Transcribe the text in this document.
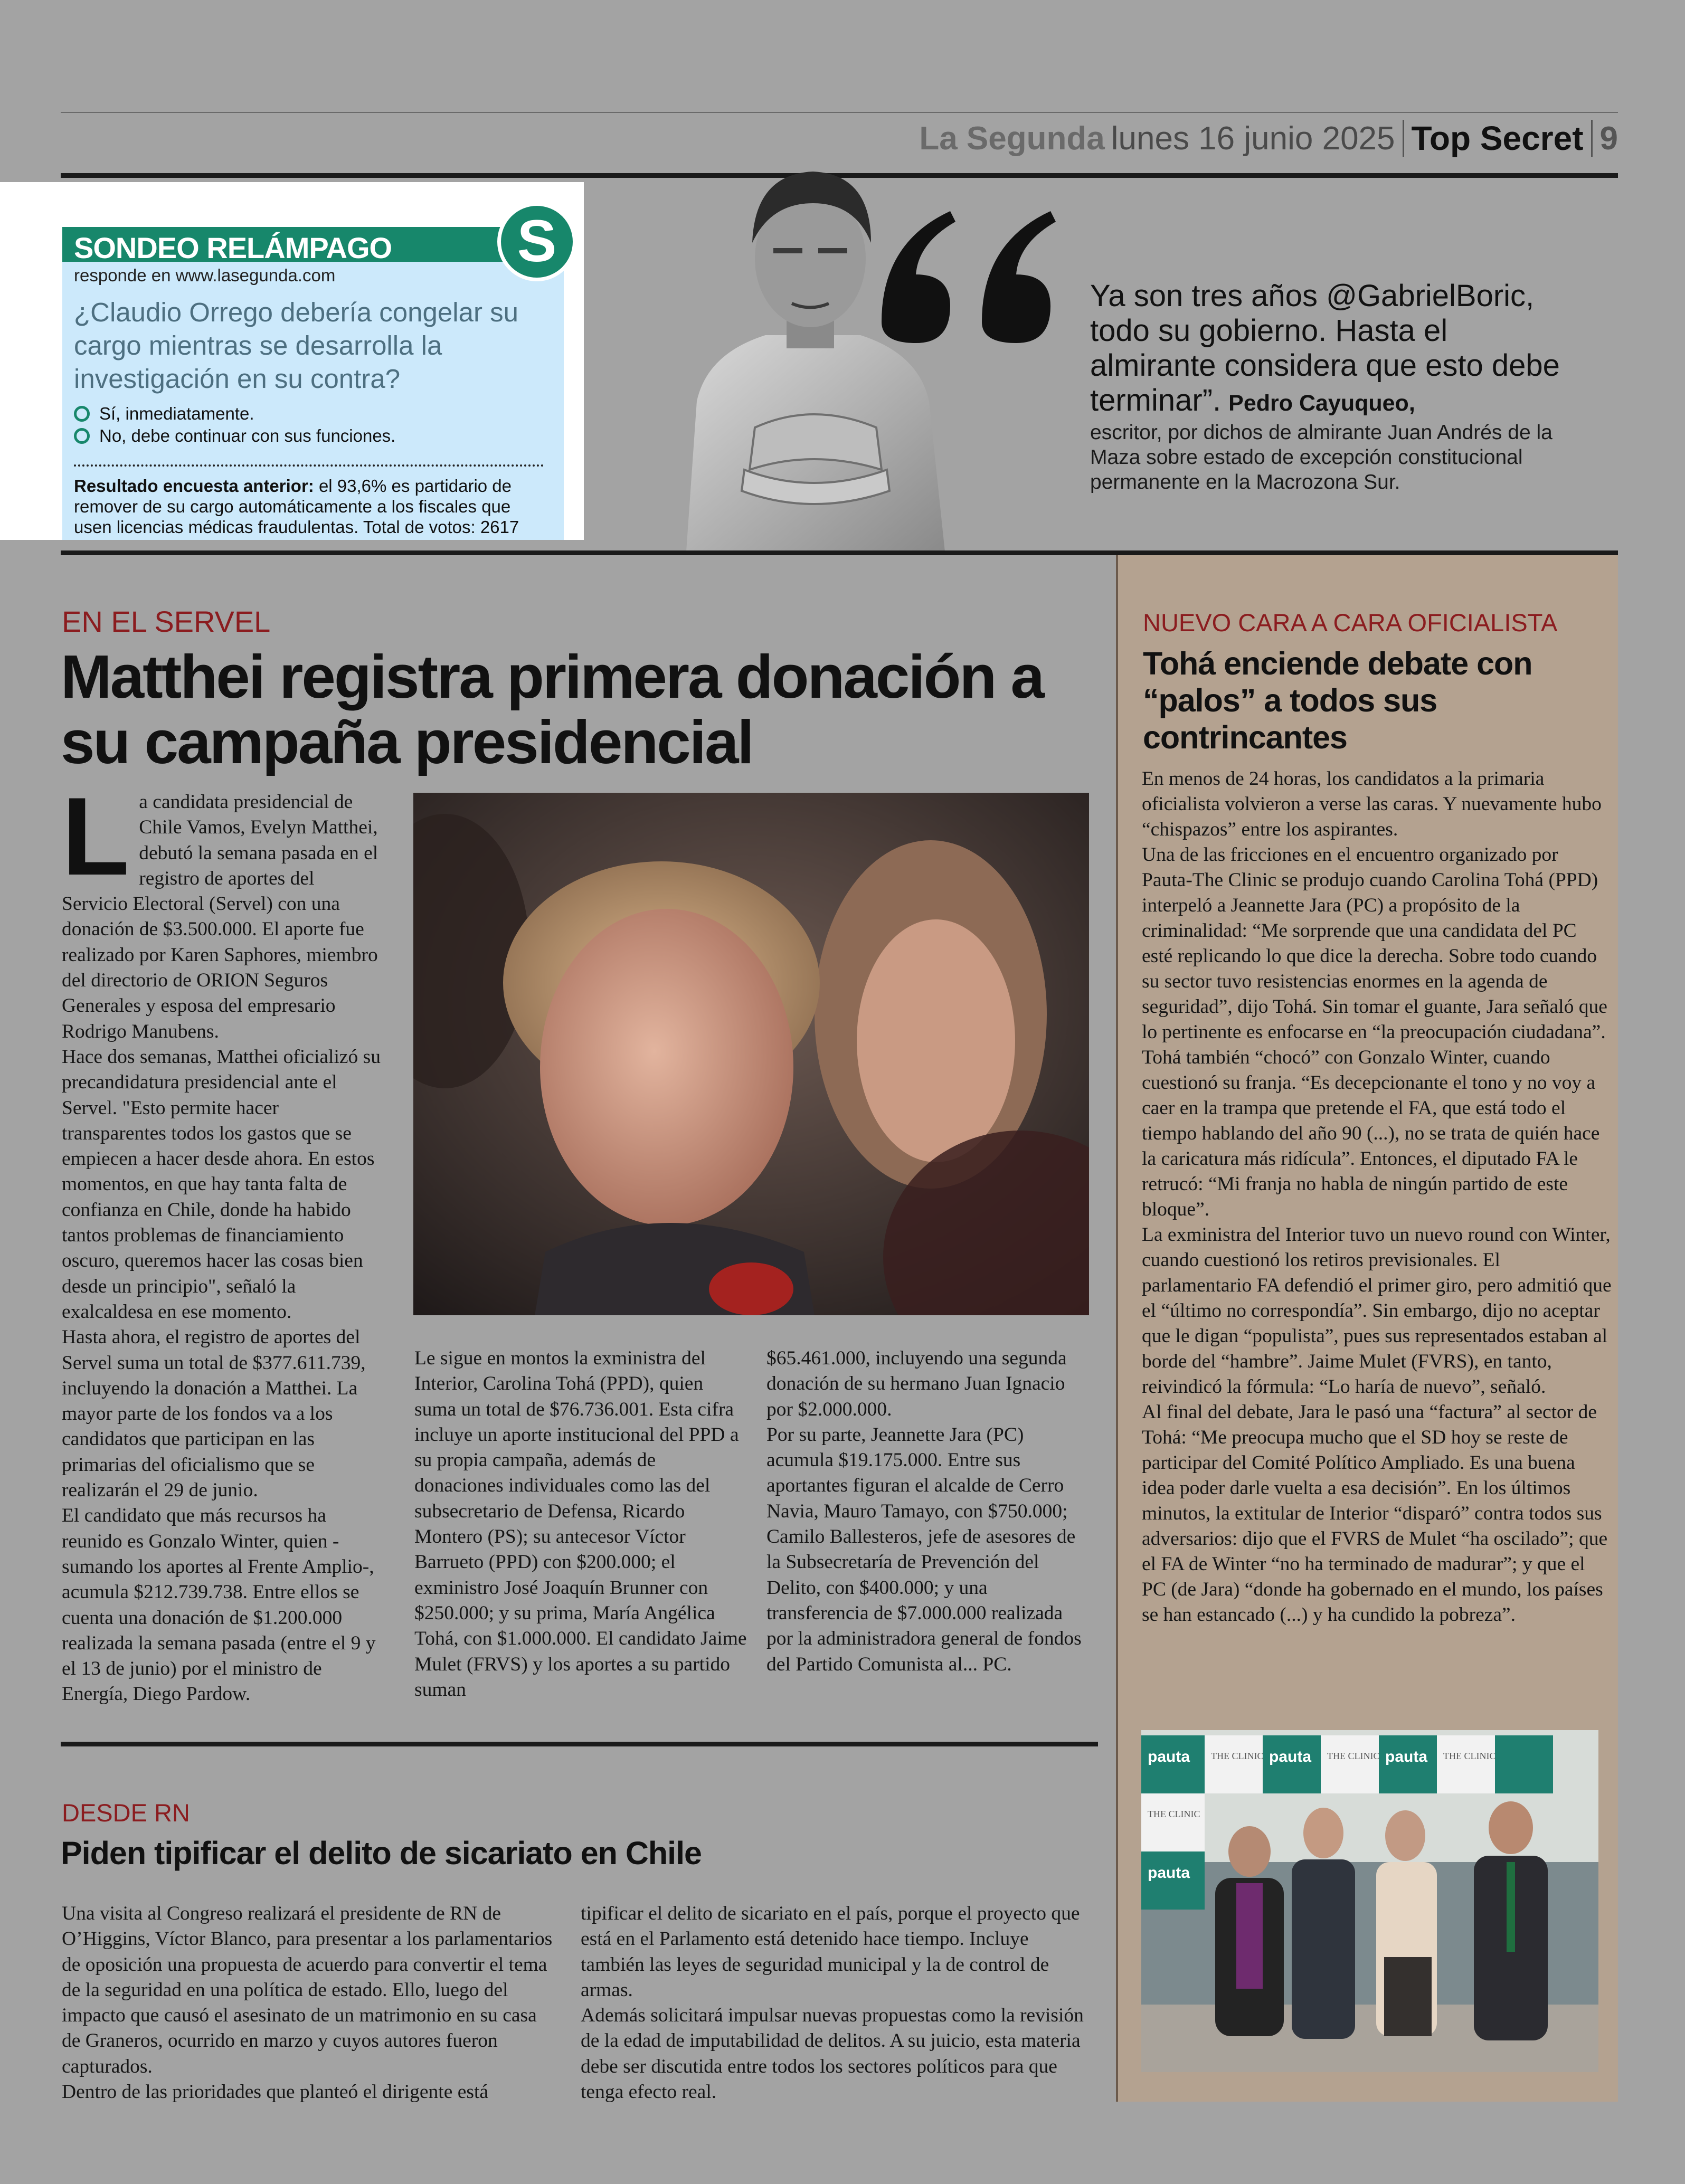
La Segunda lunes 16 junio 2025 Top Secret 9
SONDEO RELÁMPAGO	S
responde en www.lasegunda.com
¿Claudio Orrego debería congelar su cargo mientras se desarrolla la investigación en su contra?
Sí, inmediatamente.
No, debe continuar con sus funciones.
Resultado encuesta anterior: el 93,6% es partidario de remover de su cargo automáticamente a los fiscales que usen licencias médicas fraudulentas. Total de votos: 2617
Ya son tres años @GabrielBoric, todo su gobierno. Hasta el almirante considera que esto debe terminar”. Pedro Cayuqueo,
escritor, por dichos de almirante Juan Andrés de la Maza sobre estado de excepción constitucional permanente en la Macrozona Sur.
EN EL SERVEL
Matthei registra primera donación a su campaña presidencial

La candidata presidencial de Chile Vamos, Evelyn Matthei, debutó la semana pasada en el registro de aportes del Servicio Electoral (Servel) con una donación de $3.500.000. El aporte fue realizado por Karen Saphores, miembro del directorio de ORION Seguros Generales y esposa del empresario Rodrigo Manubens.

Hace dos semanas, Matthei oficializó su precandidatura presidencial ante el Servel. "Esto permite hacer transparentes todos los gastos que se empiecen a hacer desde ahora. En estos momentos, en que hay tanta falta de confianza en Chile, donde ha habido tantos problemas de financiamiento oscuro, queremos hacer las cosas bien desde un principio", señaló la exalcaldesa en ese momento.

Hasta ahora, el registro de aportes del Servel suma un total de $377.611.739, incluyendo la donación a Matthei. La mayor parte de los fondos va a los candidatos que participan en las primarias del oficialismo que se realizarán el 29 de junio.

El candidato que más recursos ha reunido es Gonzalo Winter, quien -sumando los aportes al Frente Amplio-, acumula $212.739.738. Entre ellos se cuenta una donación de $1.200.000 realizada la semana pasada (entre el 9 y el 13 de junio) por el ministro de Energía, Diego Pardow.

Le sigue en montos la exministra del Interior, Carolina Tohá (PPD), quien suma un total de $76.736.001. Esta cifra incluye un aporte institucional del PPD a su propia campaña, además de donaciones individuales como las del subsecretario de Defensa, Ricardo Montero (PS); su antecesor Víctor Barrueto (PPD) con $200.000; el exministro José Joaquín Brunner con $250.000; y su prima, María Angélica Tohá, con $1.000.000. El candidato Jaime Mulet (FRVS) y los aportes a su partido suman

$65.461.000, incluyendo una segunda donación de su hermano Juan Ignacio por $2.000.000.

Por su parte, Jeannette Jara (PC) acumula $19.175.000. Entre sus aportantes figuran el alcalde de Cerro Navia, Mauro Tamayo, con $750.000; Camilo Ballesteros, jefe de asesores de la Subsecretaría de Prevención del Delito, con $400.000; y una transferencia de $7.000.000 realizada por la administradora general de fondos del Partido Comunista al... PC.

NUEVO CARA A CARA OFICIALISTA
Tohá enciende debate con “palos” a todos sus contrincantes

En menos de 24 horas, los candidatos a la primaria oficialista volvieron a verse las caras. Y nuevamente hubo “chispazos” entre los aspirantes.

Una de las fricciones en el encuentro organizado por Pauta-The Clinic se produjo cuando Carolina Tohá (PPD) interpeló a Jeannette Jara (PC) a propósito de la criminalidad: “Me sorprende que una candidata del PC esté replicando lo que dice la derecha. Sobre todo cuando su sector tuvo resistencias enormes en la agenda de seguridad”, dijo Tohá. Sin tomar el guante, Jara señaló que lo pertinente es enfocarse en “la preocupación ciudadana”.

Tohá también “chocó” con Gonzalo Winter, cuando cuestionó su franja. “Es decepcionante el tono y no voy a caer en la trampa que pretende el FA, que está todo el tiempo hablando del año 90 (...), no se trata de quién hace la caricatura más ridícula”. Entonces, el diputado FA le retrucó: “Mi franja no habla de ningún partido de este bloque”.

La exministra del Interior tuvo un nuevo round con Winter, cuando cuestionó los retiros previsionales. El parlamentario FA defendió el primer giro, pero admitió que el “último no correspondía”. Sin embargo, dijo no aceptar que le digan “populista”, pues sus representados estaban al borde del “hambre”. Jaime Mulet (FVRS), en tanto, reivindicó la fórmula: “Lo haría de nuevo”, señaló.

Al final del debate, Jara le pasó una “factura” al sector de Tohá: “Me preocupa mucho que el SD hoy se reste de participar del Comité Político Ampliado. Es una buena idea poder darle vuelta a esa decisión”. En los últimos minutos, la extitular de Interior “disparó” contra todos sus adversarios: dijo que el FVRS de Mulet “ha oscilado”; que el FA de Winter “no ha terminado de madurar”; y que el PC (de Jara) “donde ha gobernado en el mundo, los países se han estancado (...) y ha cundido la pobreza”.

pauta THE CLINIC pauta THE CLINIC pauta THE CLINIC
THE CLINIC
pauta
DESDE RN
Piden tipificar el delito de sicariato en Chile

Una visita al Congreso realizará el presidente de RN de O’Higgins, Víctor Blanco, para presentar a los parlamentarios de oposición una propuesta de acuerdo para convertir el tema de la seguridad en una política de estado. Ello, luego del impacto que causó el asesinato de un matrimonio en su casa de Graneros, ocurrido en marzo y cuyos autores fueron capturados.

Dentro de las prioridades que planteó el dirigente está

tipificar el delito de sicariato en el país, porque el proyecto que está en el Parlamento está detenido hace tiempo. Incluye también las leyes de seguridad municipal y la de control de armas.

Además solicitará impulsar nuevas propuestas como la revisión de la edad de imputabilidad de delitos. A su juicio, esta materia debe ser discutida entre todos los sectores políticos para que tenga efecto real.
